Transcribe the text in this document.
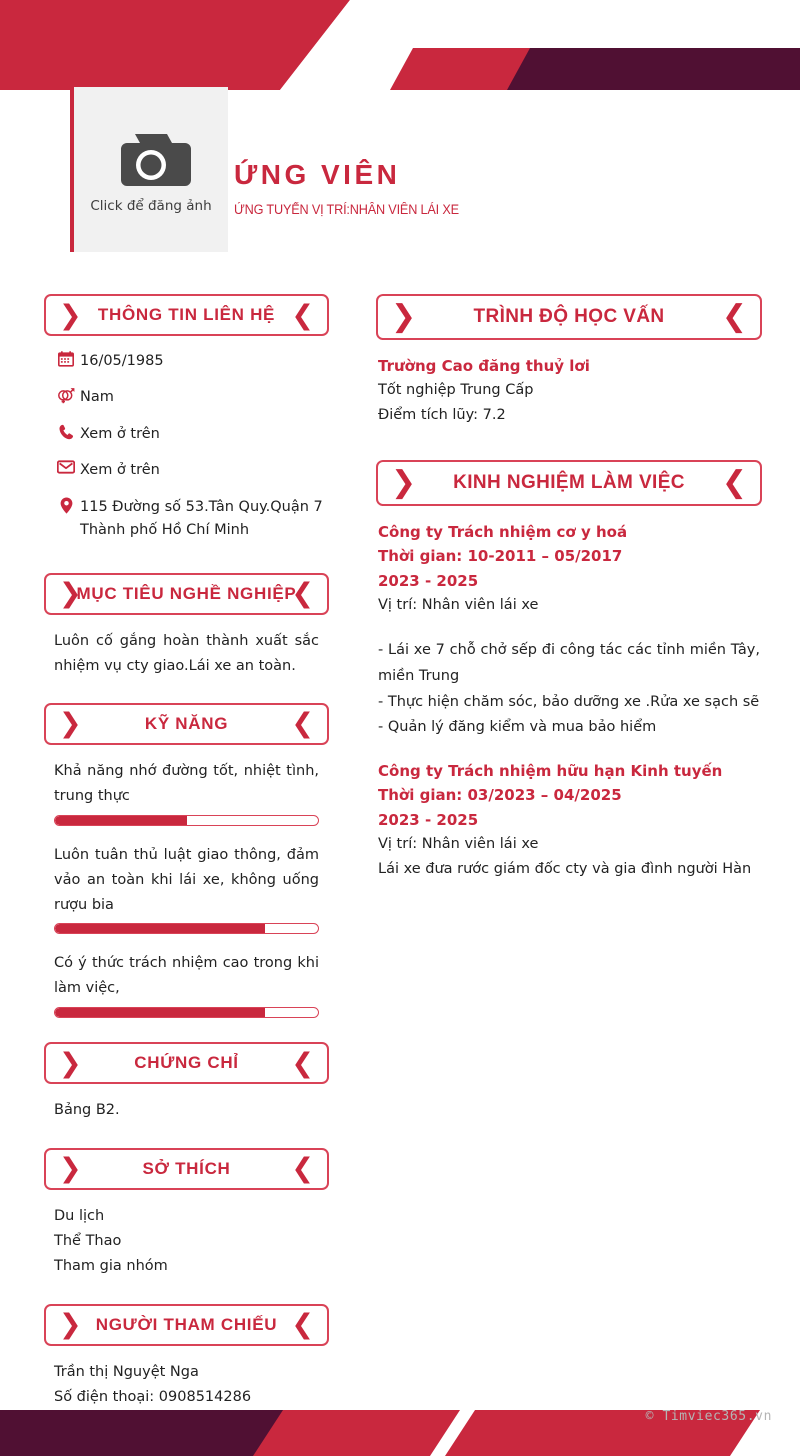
Click để đăng ảnh
ỨNG VIÊN
ỨNG TUYỂN VỊ TRÍ:NHÂN VIÊN LÁI XE
❯ THÔNG TIN LIÊN HỆ ❮
16/05/1985
Nam
Xem ở trên
Xem ở trên
115 Đường số 53.Tân Quy.Quận 7 Thành phố Hồ Chí Minh
❯
MỤC TIÊU NGHỀ NGHIỆP
❮
Luôn cố gắng hoàn thành xuất sắc nhiệm vụ cty giao.Lái xe an toàn.
❯	KỸ NĂNG ❮
Khả năng nhớ đường tốt, nhiệt tình, trung thực
Luôn tuân thủ luật giao thông, đảm vảo an toàn khi lái xe, không uống rượu bia
Có ý thức trách nhiệm cao trong khi làm việc,
❯	CHỨNG CHỈ ❮
Bảng B2.
❯	SỞ THÍCH ❮
Du lịch
Thể Thao
Tham gia nhóm
❯ NGƯỜI THAM CHIẾU ❮
Trần thị Nguyệt Nga
Số điện thoại: 0908514286
❯	TRÌNH ĐỘ HỌC VẤN ❮
Trường Cao đăng thuỷ lơi
Tốt nghiệp Trung Cấp
Điểm tích lũy: 7.2
❯ KINH NGHIỆM LÀM VIỆC ❮
Công ty Trách nhiệm cơ y hoá
Thời gian: 10-2011 – 05/2017
2023 - 2025
Vị trí: Nhân viên lái xe
- Lái xe 7 chỗ chở sếp đi công tác các tỉnh miền Tây, miền Trung
- Thực hiện chăm sóc, bảo dưỡng xe .Rửa xe sạch sẽ
- Quản lý đăng kiểm và mua bảo hiểm
Công ty Trách nhiệm hữu hạn Kinh tuyến
Thời gian: 03/2023 – 04/2025
2023 - 2025
Vị trí: Nhân viên lái xe
Lái xe đưa rước giám đốc cty và gia đình người Hàn
© Timviec365.vn
